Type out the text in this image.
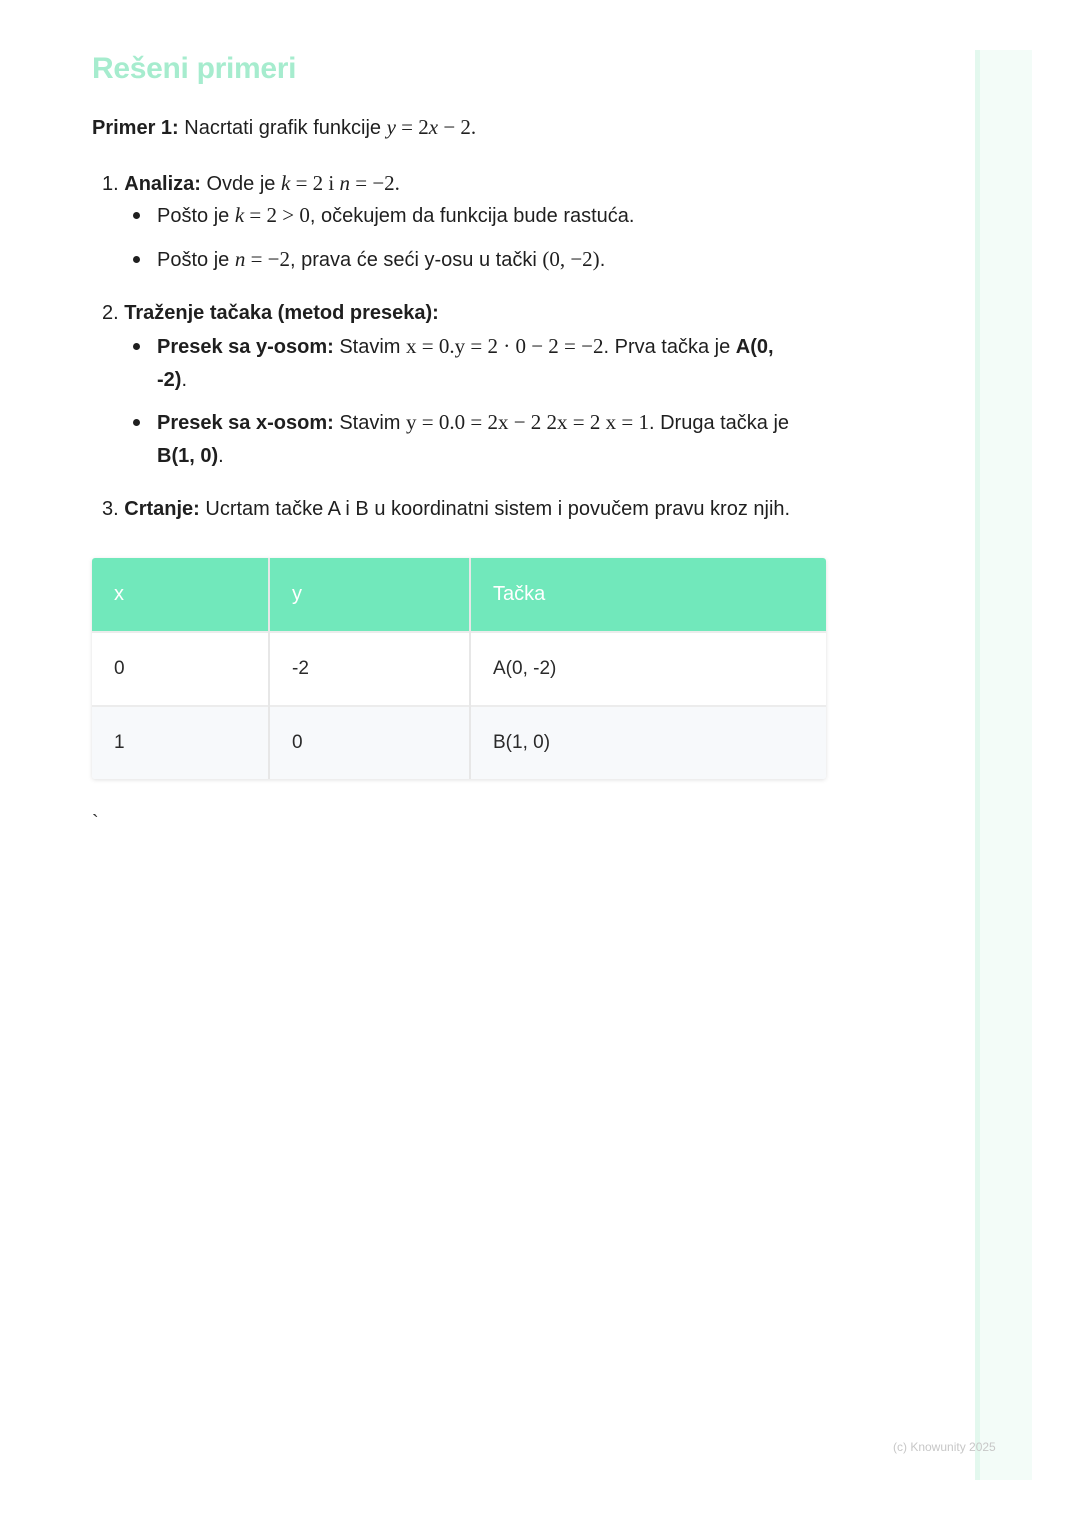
Rešeni primeri
Primer 1: Nacrtati grafik funkcije y = 2x − 2.
1. Analiza: Ovde je k = 2 i n = −2.
Pošto je k = 2 > 0, očekujem da funkcija bude rastuća.
Pošto je n = −2, prava će seći y-osu u tački (0, −2).
2. Traženje tačaka (metod preseka):
Presek sa y-osom: Stavim x = 0.y = 2 · 0 − 2 = −2. Prva tačka je A(0,
-2).
Presek sa x-osom: Stavim y = 0.0 = 2x − 2 2x = 2 x = 1. Druga tačka je
B(1, 0).
3. Crtanje: Ucrtam tačke A i B u koordinatni sistem i povučem pravu kroz njih.
x	y	Tačka
0	-2	A(0, -2)
1	0	B(1, 0)
`
(c) Knowunity 2025
